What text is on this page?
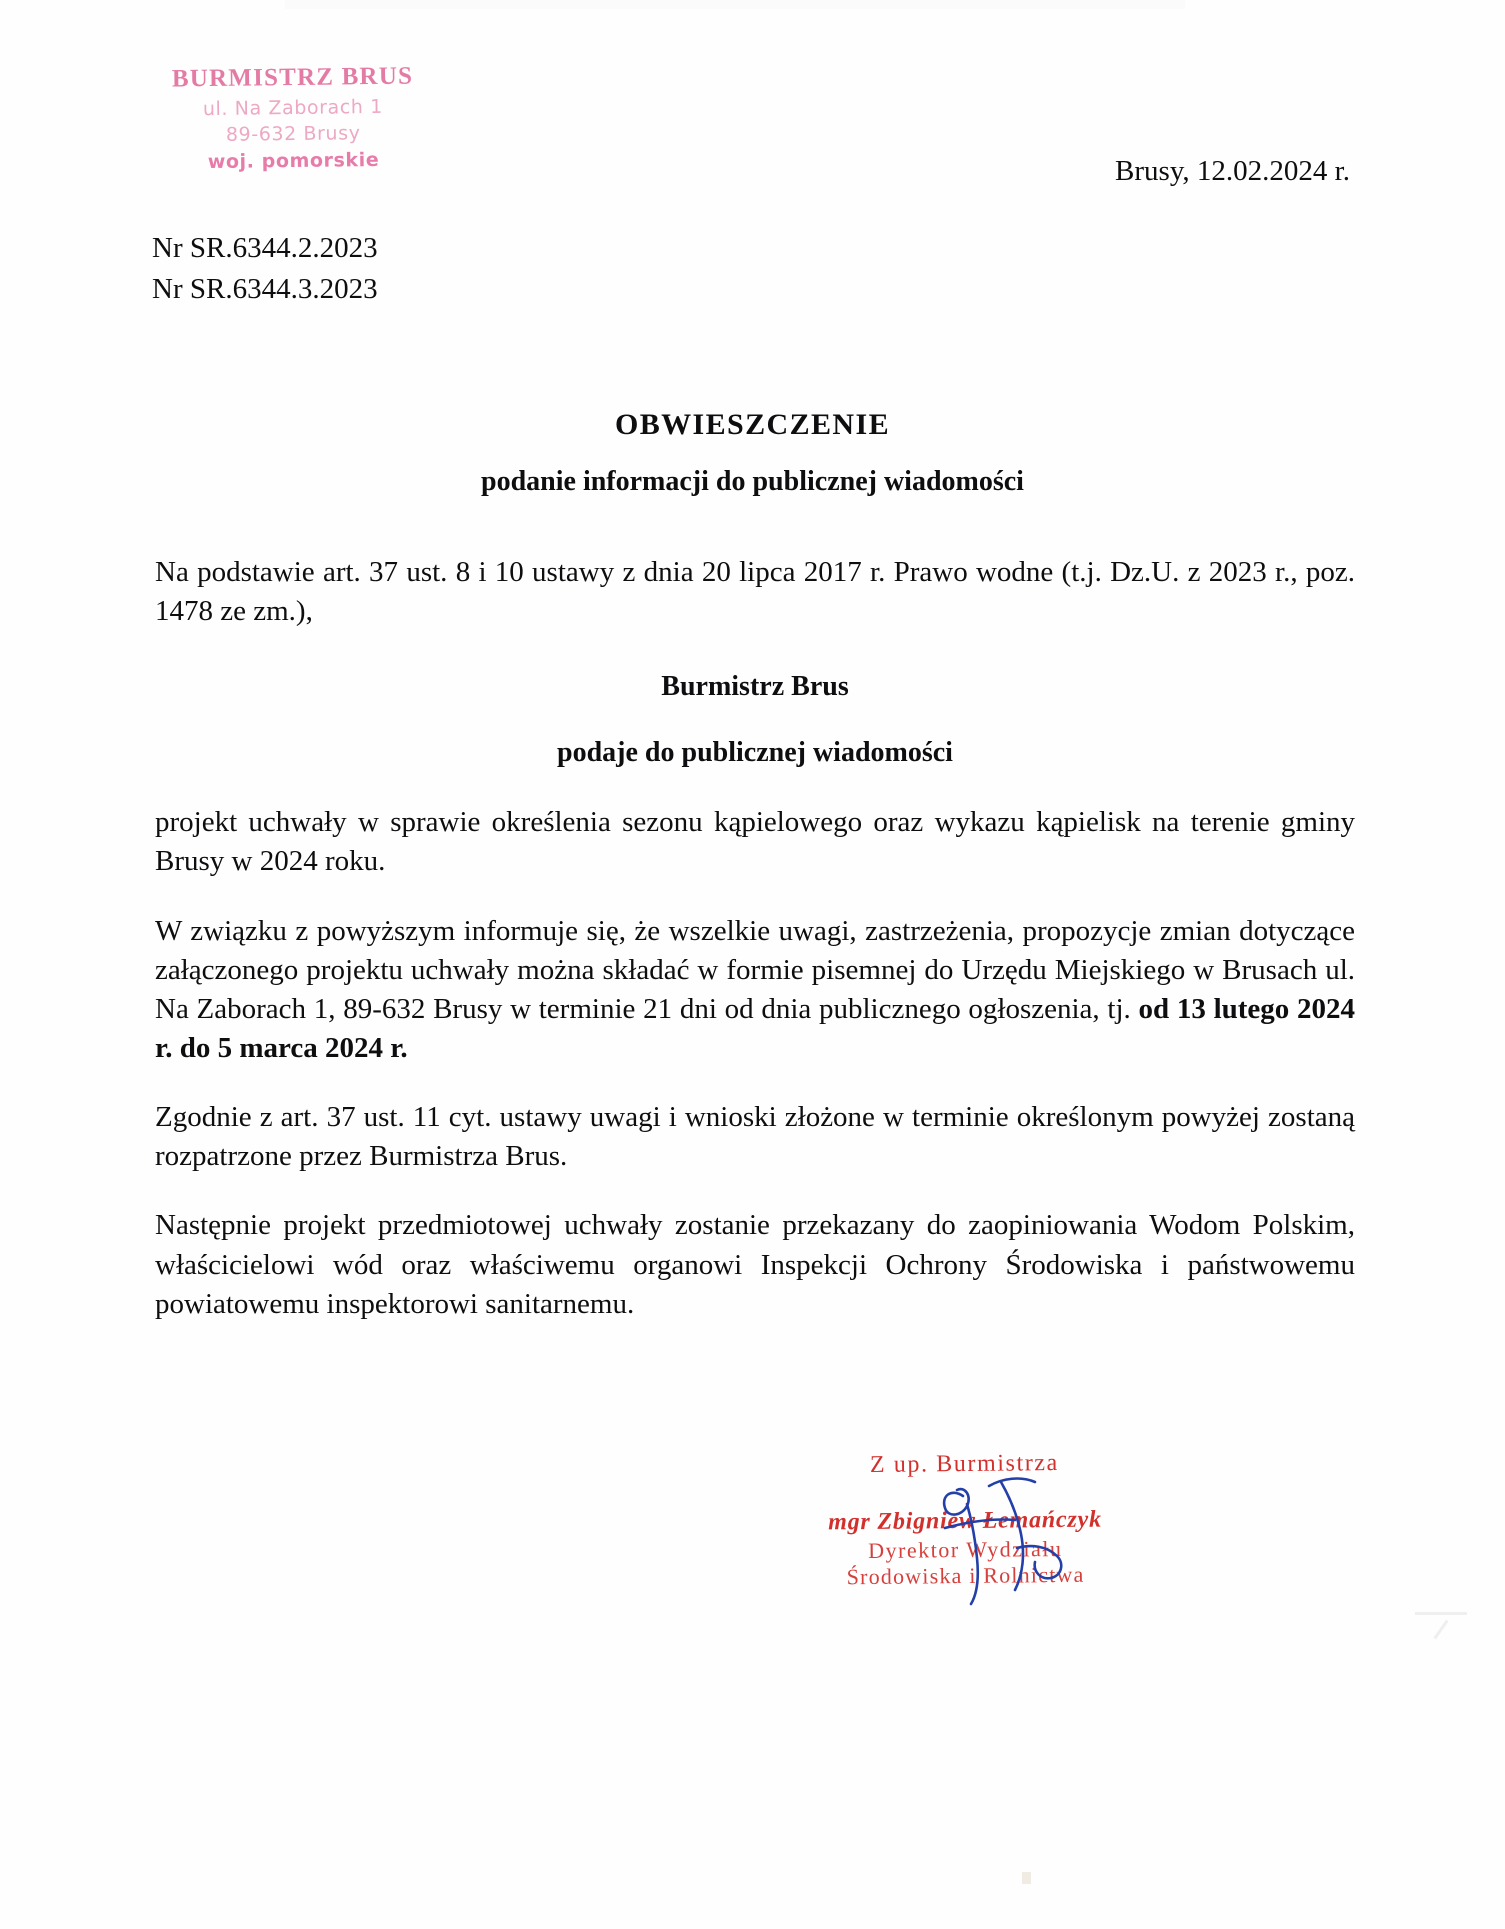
BURMISTRZ BRUS
ul. Na Zaborach 1
89-632 Brusy
woj. pomorskie	Brusy, 12.02.2024 r.
Nr SR.6344.2.2023
Nr SR.6344.3.2023
OBWIESZCZENIE
podanie informacji do publicznej wiadomości

Na podstawie art. 37 ust. 8 i 10 ustawy z dnia 20 lipca 2017 r. Prawo wodne (t.j. Dz.U. z 2023 r., poz. 1478 ze zm.),

Burmistrz Brus
podaje do publicznej wiadomości

projekt uchwały w sprawie określenia sezonu kąpielowego oraz wykazu kąpielisk na terenie gminy Brusy w 2024 roku.

W związku z powyższym informuje się, że wszelkie uwagi, zastrzeżenia, propozycje zmian dotyczące załączonego projektu uchwały można składać w formie pisemnej do Urzędu Miejskiego w Brusach ul. Na Zaborach 1, 89-632 Brusy w terminie 21 dni od dnia publicznego ogłoszenia, tj. od 13 lutego 2024 r. do 5 marca 2024 r.

Zgodnie z art. 37 ust. 11 cyt. ustawy uwagi i wnioski złożone w terminie określonym powyżej zostaną rozpatrzone przez Burmistrza Brus.

Następnie projekt przedmiotowej uchwały zostanie przekazany do zaopiniowania Wodom Polskim, właścicielowi wód oraz właściwemu organowi Inspekcji Ochrony Środowiska i państwowemu powiatowemu inspektorowi sanitarnemu.

Z up. Burmistrza
mgr Zbigniew Łemańczyk
Dyrektor Wydziału
Środowiska i Rolnictwa
